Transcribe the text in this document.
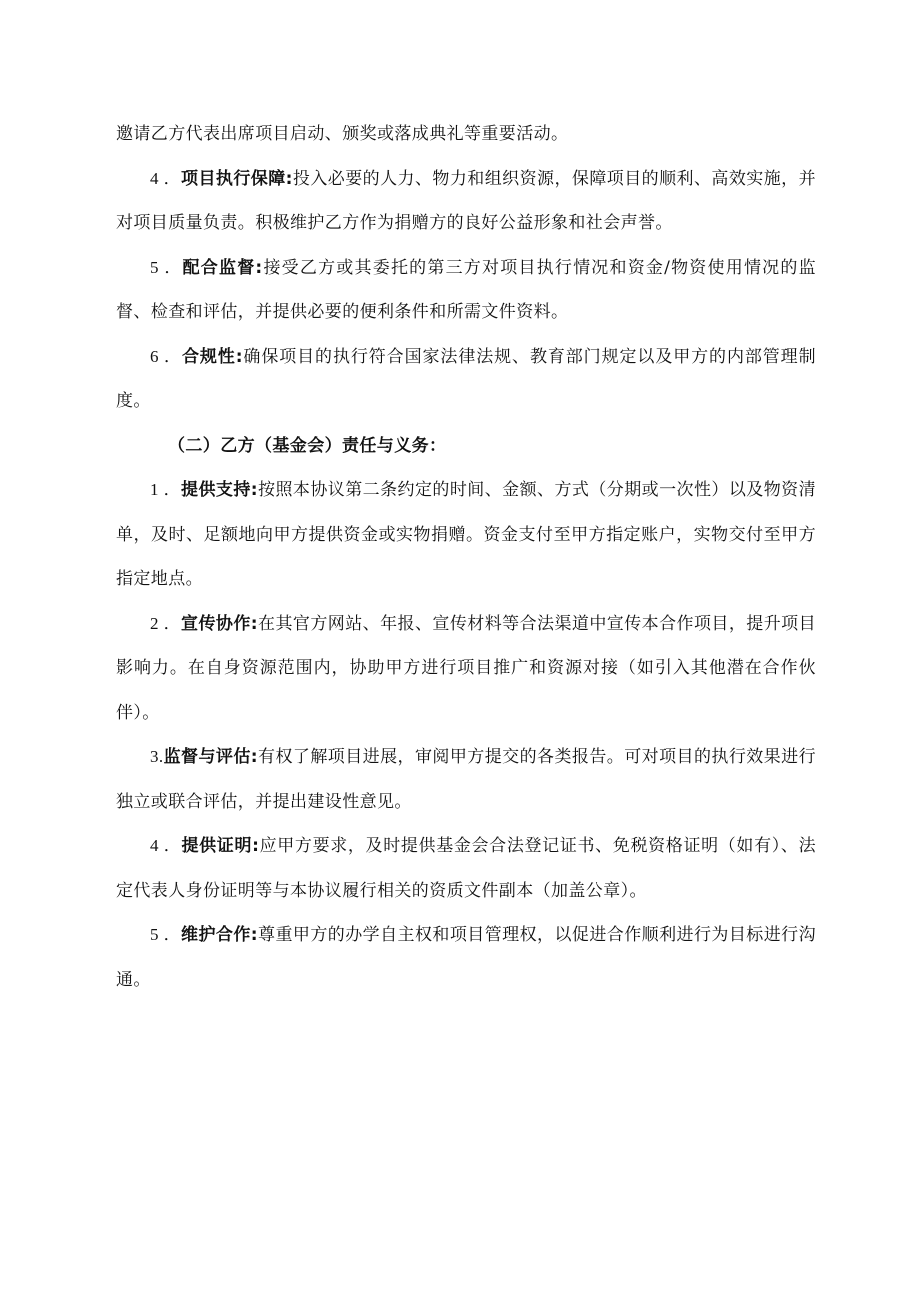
邀请乙方代表出席项目启动、颁奖或落成典礼等重要活动。

4 ．项目执行保障:投入必要的人力、物力和组织资源，保障项目的顺利、高效实施，并对项目质量负责。积极维护乙方作为捐赠方的良好公益形象和社会声誉。

5 ．配合监督:接受乙方或其委托的第三方对项目执行情况和资金/物资使用情况的监督、检查和评估，并提供必要的便利条件和所需文件资料。

6 ．合规性:确保项目的执行符合国家法律法规、教育部门规定以及甲方的内部管理制度。

（二）乙方（基金会）责任与义务：

1 ．提供支持:按照本协议第二条约定的时间、金额、方式（分期或一次性）以及物资清单，及时、足额地向甲方提供资金或实物捐赠。资金支付至甲方指定账户，实物交付至甲方指定地点。

2 ．宣传协作:在其官方网站、年报、宣传材料等合法渠道中宣传本合作项目，提升项目影响力。在自身资源范围内，协助甲方进行项目推广和资源对接（如引入其他潜在合作伙伴）。

3.监督与评估:有权了解项目进展，审阅甲方提交的各类报告。可对项目的执行效果进行独立或联合评估，并提出建设性意见。

4 ．提供证明:应甲方要求，及时提供基金会合法登记证书、免税资格证明（如有）、法定代表人身份证明等与本协议履行相关的资质文件副本（加盖公章）。

5 ．维护合作:尊重甲方的办学自主权和项目管理权，以促进合作顺利进行为目标进行沟通。
